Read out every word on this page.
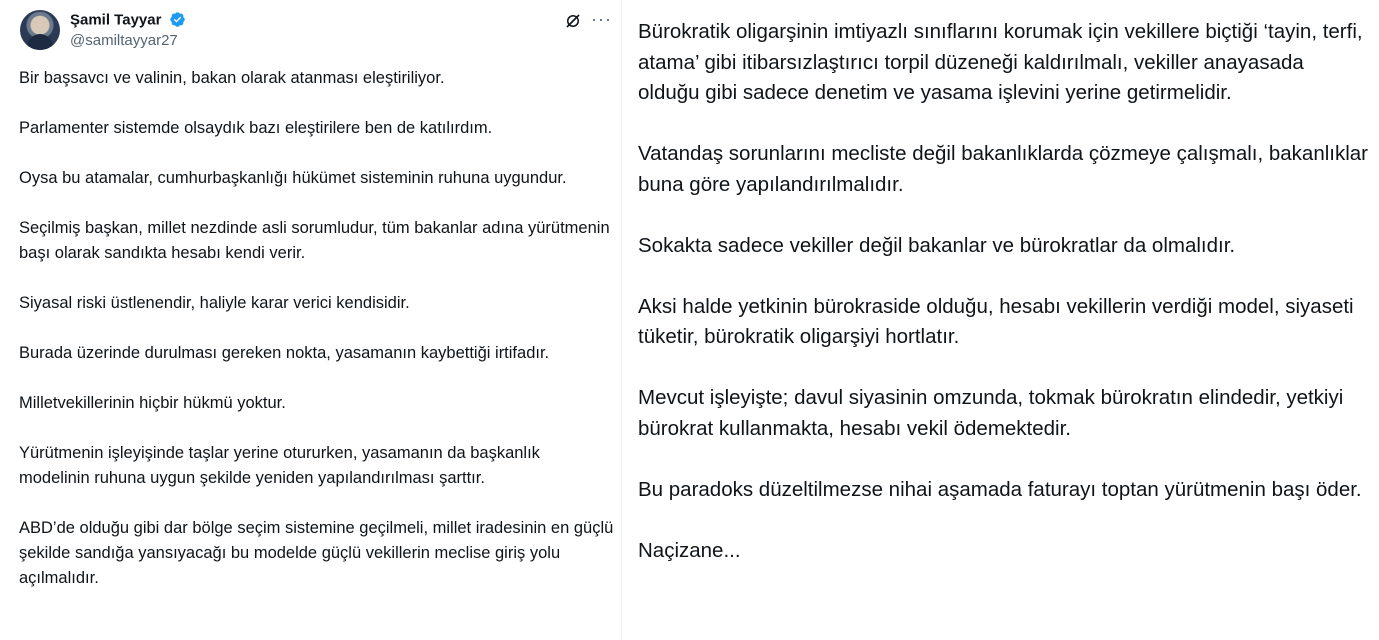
Şamil Tayyar
@samiltayyar27
···

Bir başsavcı ve valinin, bakan olarak atanması eleştiriliyor.

Parlamenter sistemde olsaydık bazı eleştirilere ben de katılırdım.

Oysa bu atamalar, cumhurbaşkanlığı hükümet sisteminin ruhuna uygundur.

Seçilmiş başkan, millet nezdinde asli sorumludur, tüm bakanlar adına yürütmenin başı olarak sandıkta hesabı kendi verir.

Siyasal riski üstlenendir, haliyle karar verici kendisidir.

Burada üzerinde durulması gereken nokta, yasamanın kaybettiği irtifadır.

Milletvekillerinin hiçbir hükmü yoktur.

Yürütmenin işleyişinde taşlar yerine otururken, yasamanın da başkanlık modelinin ruhuna uygun şekilde yeniden yapılandırılması şarttır.

ABD’de olduğu gibi dar bölge seçim sistemine geçilmeli, millet iradesinin en güçlü şekilde sandığa yansıyacağı bu modelde güçlü vekillerin meclise giriş yolu açılmalıdır.

Bürokratik oligarşinin imtiyazlı sınıflarını korumak için vekillere biçtiği ‘tayin, terfi, atama’ gibi itibarsızlaştırıcı torpil düzeneği kaldırılmalı, vekiller anayasada olduğu gibi sadece denetim ve yasama işlevini yerine getirmelidir.

Vatandaş sorunlarını mecliste değil bakanlıklarda çözmeye çalışmalı, bakanlıklar buna göre yapılandırılmalıdır.

Sokakta sadece vekiller değil bakanlar ve bürokratlar da olmalıdır.

Aksi halde yetkinin bürokraside olduğu, hesabı vekillerin verdiği model, siyaseti tüketir, bürokratik oligarşiyi hortlatır.

Mevcut işleyişte; davul siyasinin omzunda, tokmak bürokratın elindedir, yetkiyi bürokrat kullanmakta, hesabı vekil ödemektedir.

Bu paradoks düzeltilmezse nihai aşamada faturayı toptan yürütmenin başı öder.

Naçizane...
